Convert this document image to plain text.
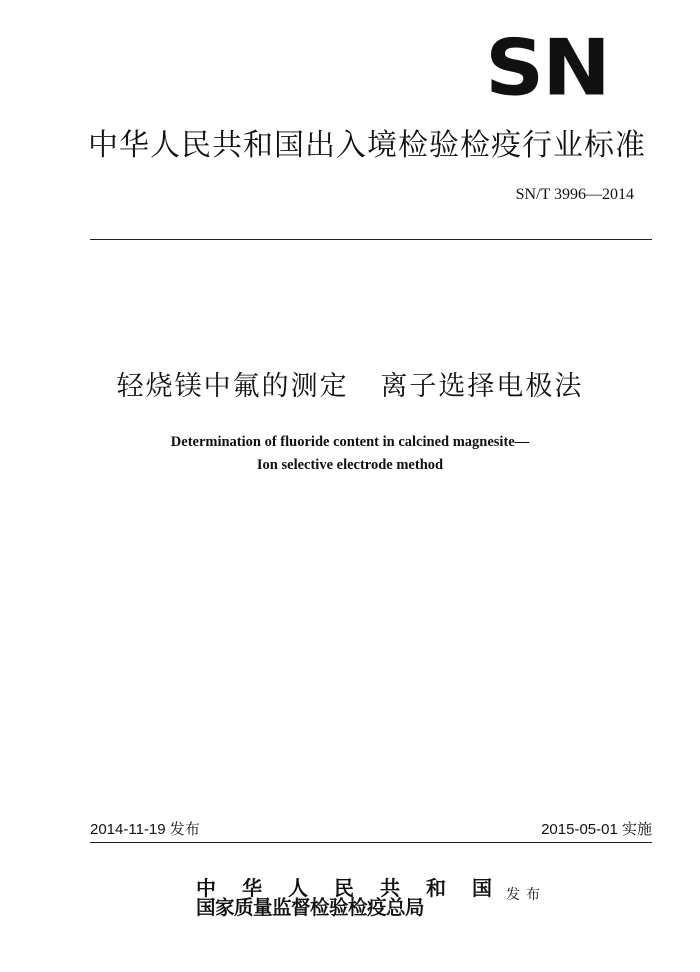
SN
中华人民共和国出入境检验检疫行业标准
SN/T 3996—2014
轻烧镁中氟的测定   离子选择电极法
Determination of fluoride content in calcined magnesite—
Ion selective electrode method
2014-11-19 发布	2015-05-01 实施
中 华 人 民 共 和 国
国家质量监督检验检疫总局
发布
